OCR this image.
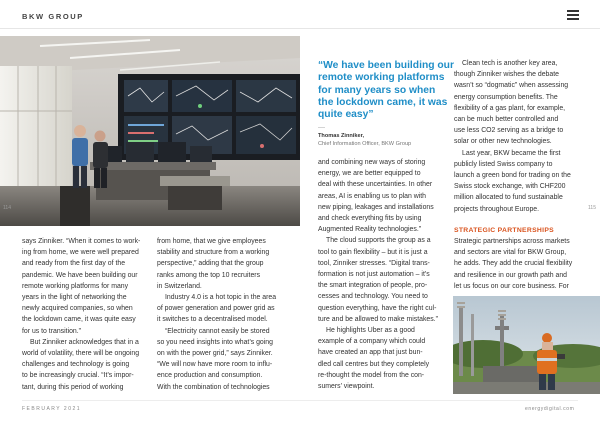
BKW GROUP
114	115

says Zinniker. “When it comes to work-

ing from home, we were well prepared

and ready from the first day of the

pandemic. We have been building our

remote working platforms for many

years in the light of networking the

newly acquired companies, so when

the lockdown came, it was quite easy

for us to transition.”

But Zinniker acknowledges that in a

world of volatility, there will be ongoing

challenges and technology is going

to be increasingly crucial. “It’s impor-

tant, during this period of working

from home, that we give employees

stability and structure from a working

perspective,” adding that the group

ranks among the top 10 recruiters

in Switzerland.

Industry 4.0 is a hot topic in the area

of power generation and power grid as

it switches to a decentralised model.

“Electricity cannot easily be stored

so you need insights into what’s going

on with the power grid,” says Zinniker.

“We will now have more room to influ-

ence production and consumption.

With the combination of technologies

“We have been building our
remote working platforms
for many years so when
the lockdown came, it was
quite easy”
—
Thomas Zinniker,
Chief Information Officer, BKW Group

and combining new ways of storing

energy, we are better equipped to

deal with these uncertainties. In other

areas, AI is enabling us to plan with

new piping, leakages and installations

and check everything fits by using

Augmented Reality technologies.”

The cloud supports the group as a

tool to gain flexibility – but it is just a

tool, Zinniker stresses. “Digital trans-

formation is not just automation – it’s

the smart integration of people, pro-

cesses and technology. You need to

question everything, have the right cul-

ture and be allowed to make mistakes.”

He highlights Uber as a good

example of a company which could

have created an app that just bun-

dled call centres but they completely

re-thought the model from the con-

sumers’ viewpoint.

Clean tech is another key area,

though Zinniker wishes the debate

wasn’t so “dogmatic” when assessing

energy consumption benefits. The

flexibility of a gas plant, for example,

can be much better controlled and

use less CO2 serving as a bridge to

solar or other new technologies.

Last year, BKW became the first

publicly listed Swiss company to

launch a green bond for trading on the

Swiss stock exchange, with CHF200

million allocated to fund sustainable

projects throughout Europe.

STRATEGIC PARTNERSHIPS

Strategic partnerships across markets

and sectors are vital for BKW Group,

he adds. They add the crucial flexibility

and resilience in our growth path and

let us focus on our core business. For

FEBRUARY 2021	energydigital.com
